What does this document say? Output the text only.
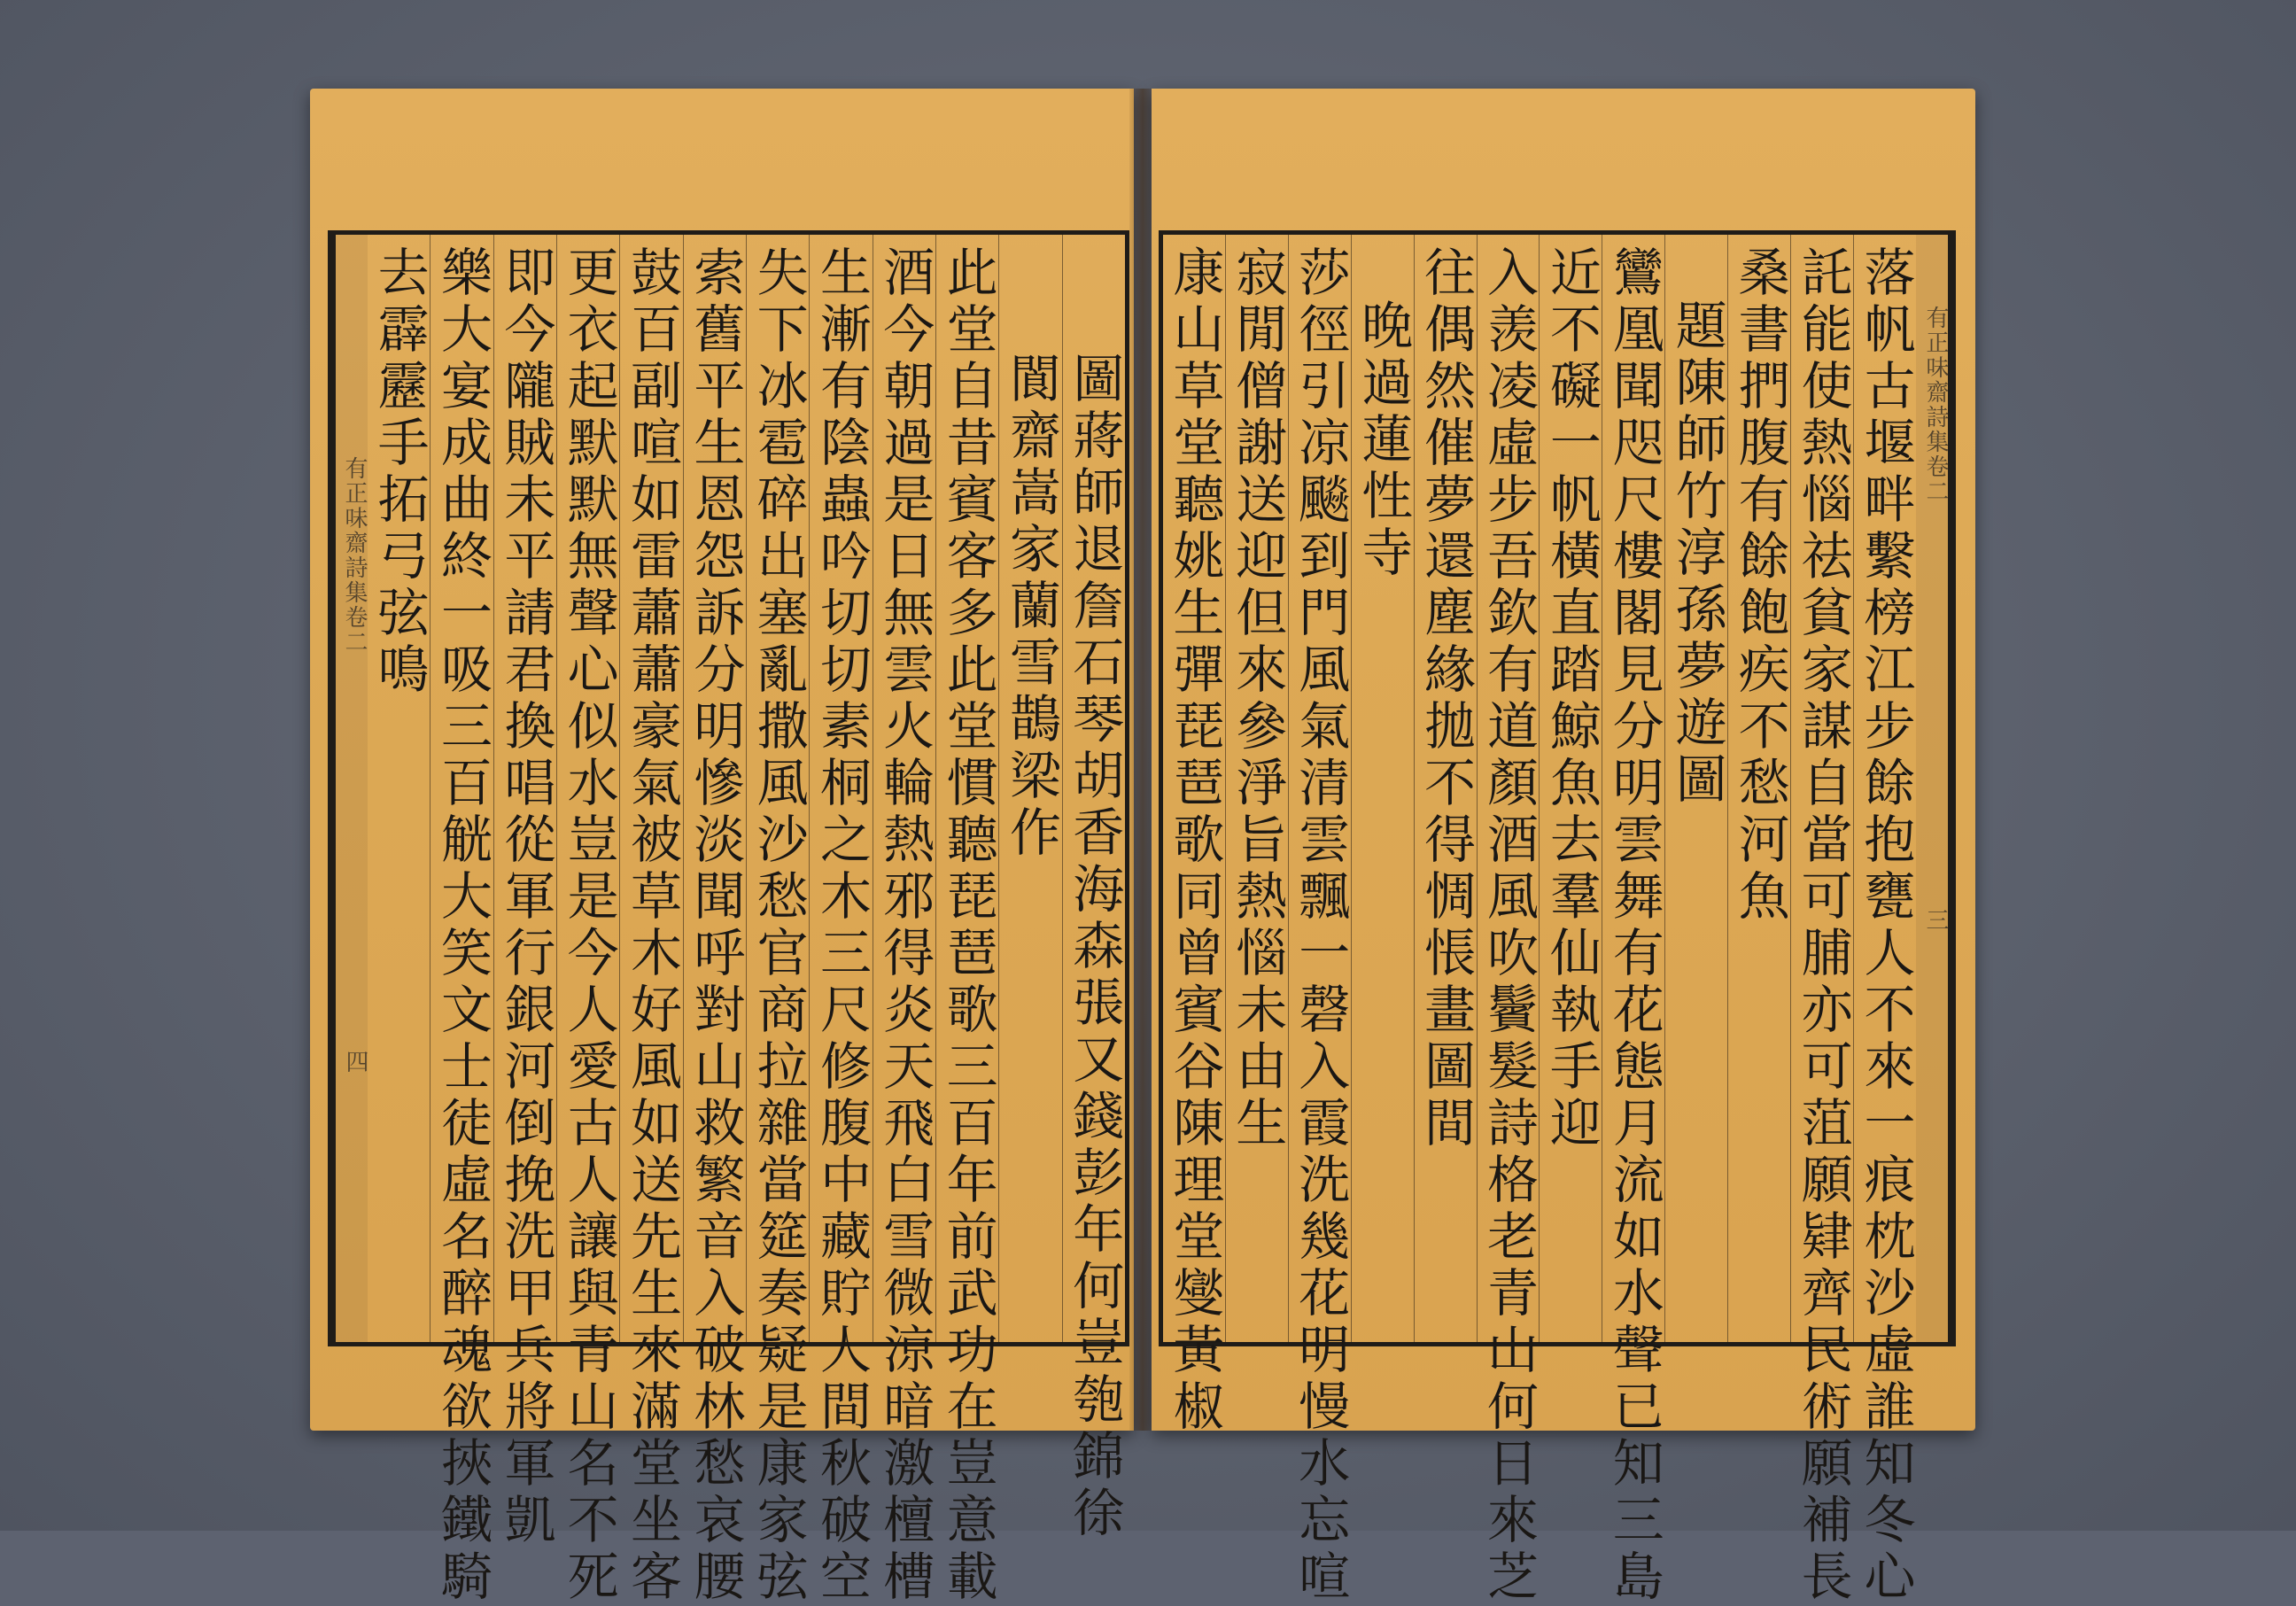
有正味齋詩集卷二
四	圖蔣師退詹石琴胡香海森張又錢彭年何豈匏錦徐
閬齋嵩家蘭雪鵲梁作
此堂自昔賓客多此堂慣聽琵琶歌三百年前武功在豈意載
酒今朝過是日無雲火輪熱邪得炎天飛白雪微涼暗激檀槽
生漸有陰蟲吟切切素桐之木三尺修腹中藏貯人間秋破空
失下冰雹碎出塞亂撒風沙愁官商拉雜當筵奏疑是康家弦
索舊平生恩怨訴分明慘淡聞呼對山救繁音入破林愁哀腰
鼓百副喧如雷蕭蕭豪氣被草木好風如送先生來滿堂坐客
更衣起默默無聲心似水豈是今人愛古人讓與青山名不死
即今隴賊未平請君換唱從軍行銀河倒挽洗甲兵將軍凱
樂大宴成曲終一吸三百觥大笑文士徒虛名醉魂欲挾鐵騎
去霹靂手拓弓弦鳴	有正味齋詩集卷二
三
落帆古堰畔繫榜江步餘抱甕人不來一痕枕沙虛誰知冬心
託能使熱惱祛貧家謀自當可脯亦可菹願肄齊民術願補長
桑書捫腹有餘飽疾不愁河魚
題陳師竹淳孫夢遊圖
鸞凰聞咫尺樓閣見分明雲舞有花態月流如水聲已知三島
近不礙一帆橫直踏鯨魚去羣仙執手迎
入羡凌虛步吾欽有道顏酒風吹鬢髮詩格老青山何日來芝
往偶然催夢還塵緣拋不得惆悵畫圖間
晚過蓮性寺
莎徑引凉飈到門風氣清雲飄一磬入霞洗幾花明慢水忘喧
寂閒僧謝送迎但來參淨旨熱惱未由生
康山草堂聽姚生彈琵琶歌同曾賓谷陳理堂燮黃椒
